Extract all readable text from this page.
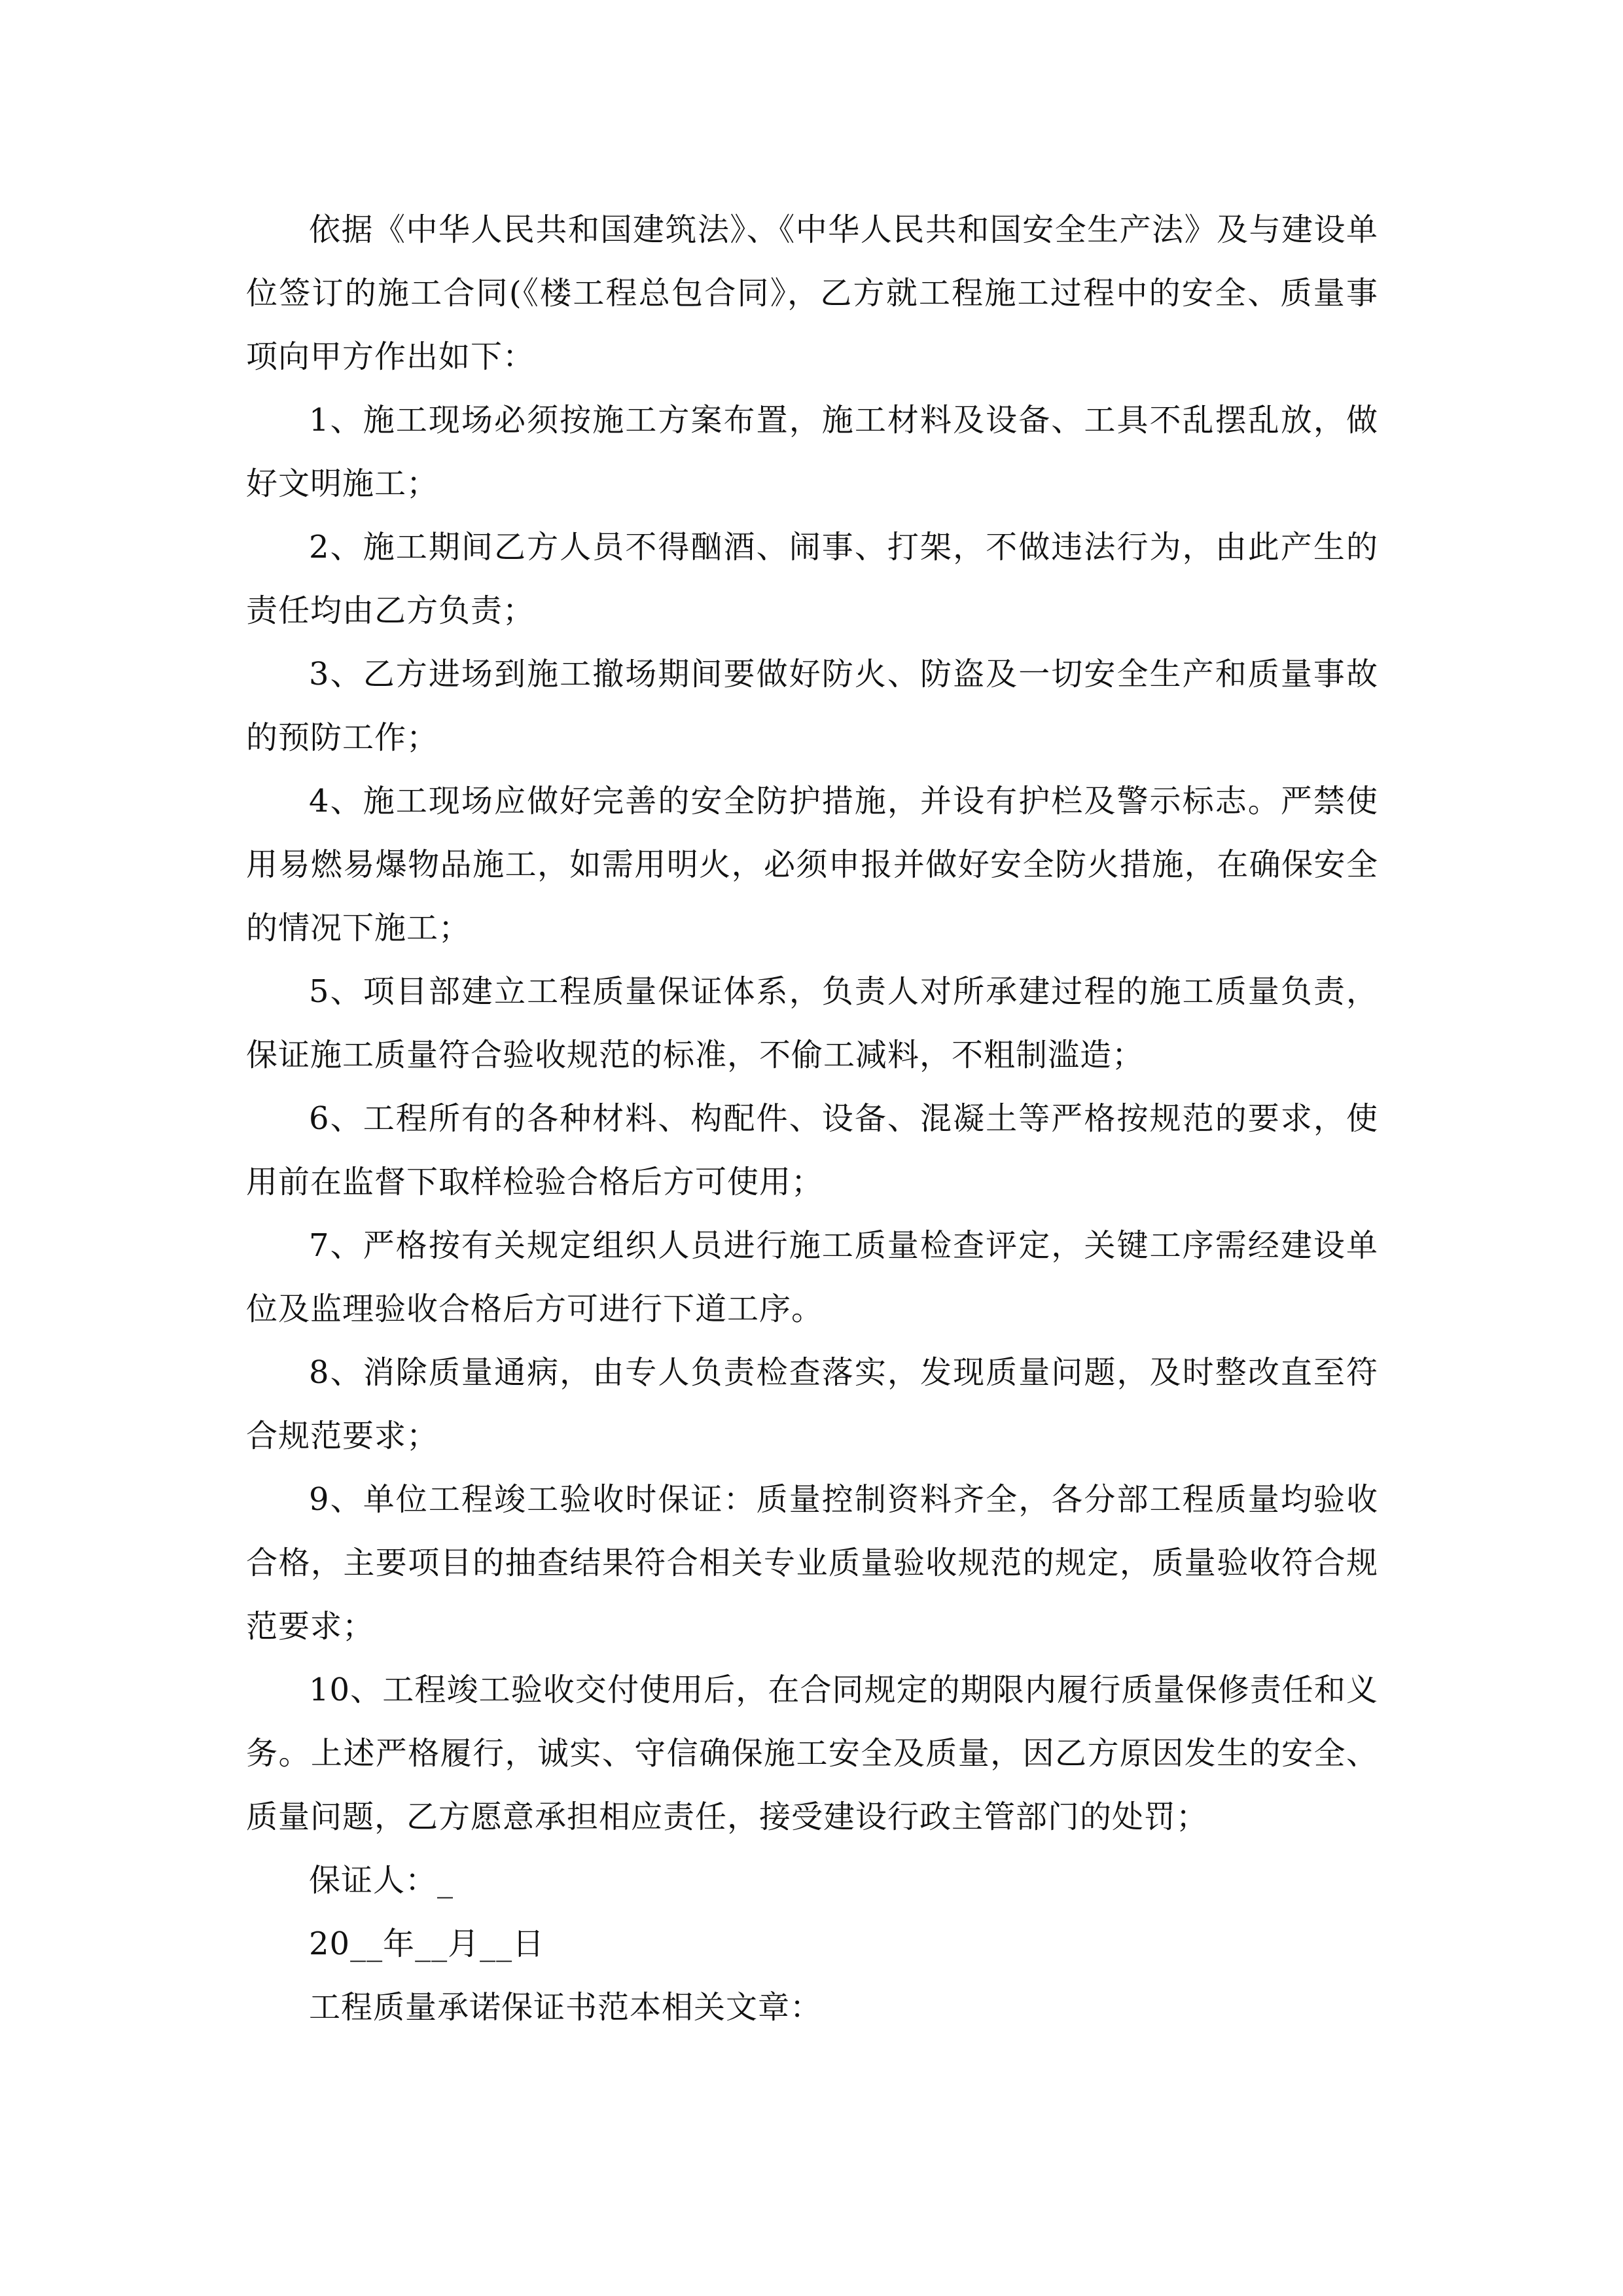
依据《中华人民共和国建筑法》、《中华人民共和国安全生产法》及与建设单位签订的施工合同(《楼工程总包合同》，乙方就工程施工过程中的安全、质量事项向甲方作出如下：

1、施工现场必须按施工方案布置，施工材料及设备、工具不乱摆乱放，做好文明施工；

2、施工期间乙方人员不得酗酒、闹事、打架，不做违法行为，由此产生的责任均由乙方负责；

3、乙方进场到施工撤场期间要做好防火、防盗及一切安全生产和质量事故的预防工作；

4、施工现场应做好完善的安全防护措施，并设有护栏及警示标志。严禁使用易燃易爆物品施工，如需用明火，必须申报并做好安全防火措施，在确保安全的情况下施工；

5、项目部建立工程质量保证体系，负责人对所承建过程的施工质量负责，保证施工质量符合验收规范的标准，不偷工减料，不粗制滥造；

6、工程所有的各种材料、构配件、设备、混凝土等严格按规范的要求，使用前在监督下取样检验合格后方可使用；

7、严格按有关规定组织人员进行施工质量检查评定，关键工序需经建设单位及监理验收合格后方可进行下道工序。

8、消除质量通病，由专人负责检查落实，发现质量问题，及时整改直至符合规范要求；

9、单位工程竣工验收时保证：质量控制资料齐全，各分部工程质量均验收合格，主要项目的抽查结果符合相关专业质量验收规范的规定，质量验收符合规范要求；

10、工程竣工验收交付使用后，在合同规定的期限内履行质量保修责任和义务。上述严格履行，诚实、守信确保施工安全及质量，因乙方原因发生的安全、质量问题，乙方愿意承担相应责任，接受建设行政主管部门的处罚；

保证人：_

20__年__月__日

工程质量承诺保证书范本相关文章：
